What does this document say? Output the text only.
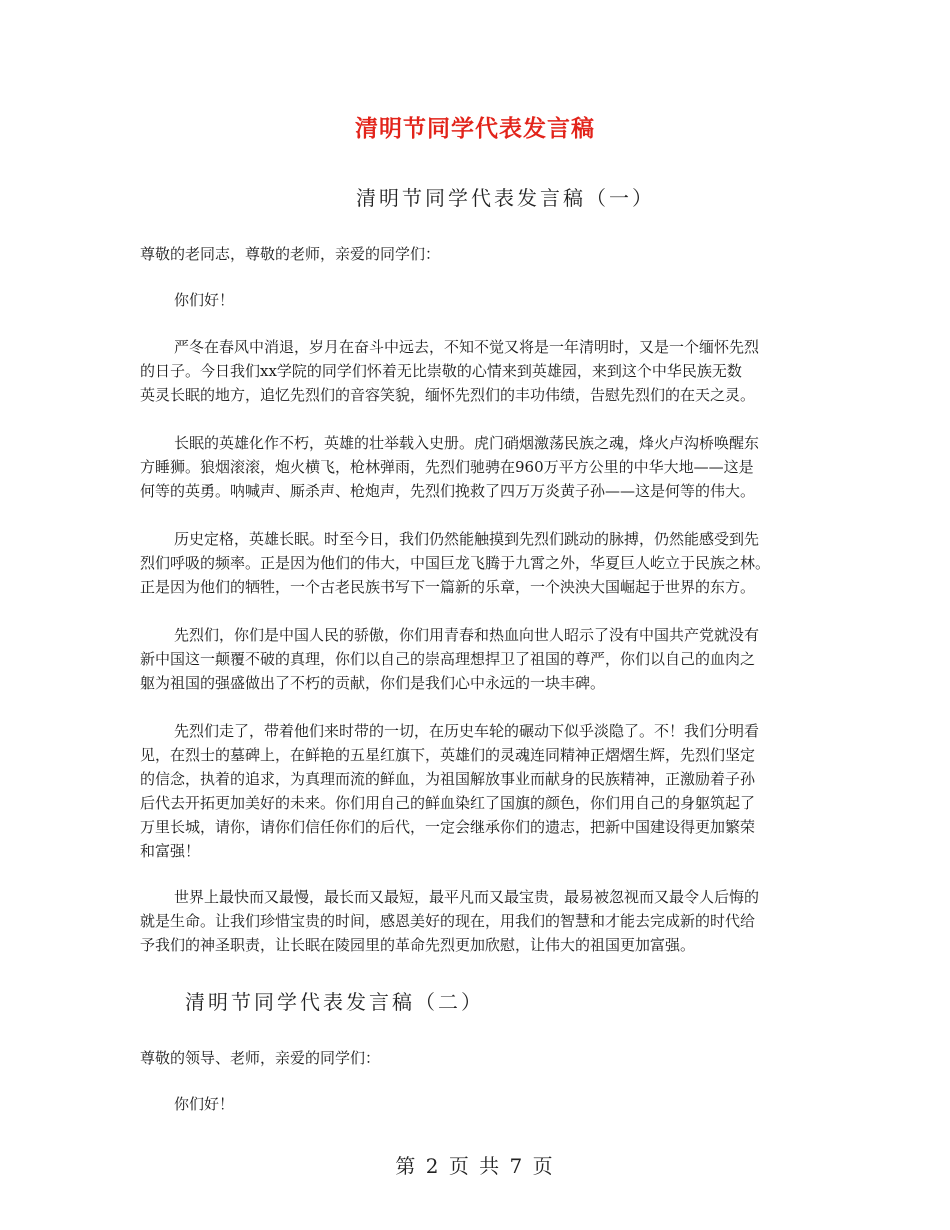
清明节同学代表发言稿
清明节同学代表发言稿（一）
尊敬的老同志，尊敬的老师，亲爱的同学们：
你们好！
严冬在春风中消退，岁月在奋斗中远去，不知不觉又将是一年清明时，又是一个缅怀先烈
的日子。今日我们xx学院的同学们怀着无比崇敬的心情来到英雄园，来到这个中华民族无数
英灵长眠的地方，追忆先烈们的音容笑貌，缅怀先烈们的丰功伟绩，告慰先烈们的在天之灵。
长眠的英雄化作不朽，英雄的壮举载入史册。虎门硝烟激荡民族之魂，烽火卢沟桥唤醒东
方睡狮。狼烟滚滚，炮火横飞，枪林弹雨，先烈们驰骋在960万平方公里的中华大地——这是
何等的英勇。呐喊声、厮杀声、枪炮声，先烈们挽救了四万万炎黄子孙——这是何等的伟大。
历史定格，英雄长眠。时至今日，我们仍然能触摸到先烈们跳动的脉搏，仍然能感受到先
烈们呼吸的频率。正是因为他们的伟大，中国巨龙飞腾于九霄之外，华夏巨人屹立于民族之林。
正是因为他们的牺牲，一个古老民族书写下一篇新的乐章，一个泱泱大国崛起于世界的东方。
先烈们，你们是中国人民的骄傲，你们用青春和热血向世人昭示了没有中国共产党就没有
新中国这一颠覆不破的真理，你们以自己的崇高理想捍卫了祖国的尊严，你们以自己的血肉之
躯为祖国的强盛做出了不朽的贡献，你们是我们心中永远的一块丰碑。
先烈们走了，带着他们来时带的一切，在历史车轮的碾动下似乎淡隐了。不！我们分明看
见，在烈士的墓碑上，在鲜艳的五星红旗下，英雄们的灵魂连同精神正熠熠生辉，先烈们坚定
的信念，执着的追求，为真理而流的鲜血，为祖国解放事业而献身的民族精神，正激励着子孙
后代去开拓更加美好的未来。你们用自己的鲜血染红了国旗的颜色，你们用自己的身躯筑起了
万里长城，请你，请你们信任你们的后代，一定会继承你们的遗志，把新中国建设得更加繁荣
和富强！
世界上最快而又最慢，最长而又最短，最平凡而又最宝贵，最易被忽视而又最令人后悔的
就是生命。让我们珍惜宝贵的时间，感恩美好的现在，用我们的智慧和才能去完成新的时代给
予我们的神圣职责，让长眠在陵园里的革命先烈更加欣慰，让伟大的祖国更加富强。
清明节同学代表发言稿（二）
尊敬的领导、老师，亲爱的同学们：
你们好！
第 2 页 共 7 页
